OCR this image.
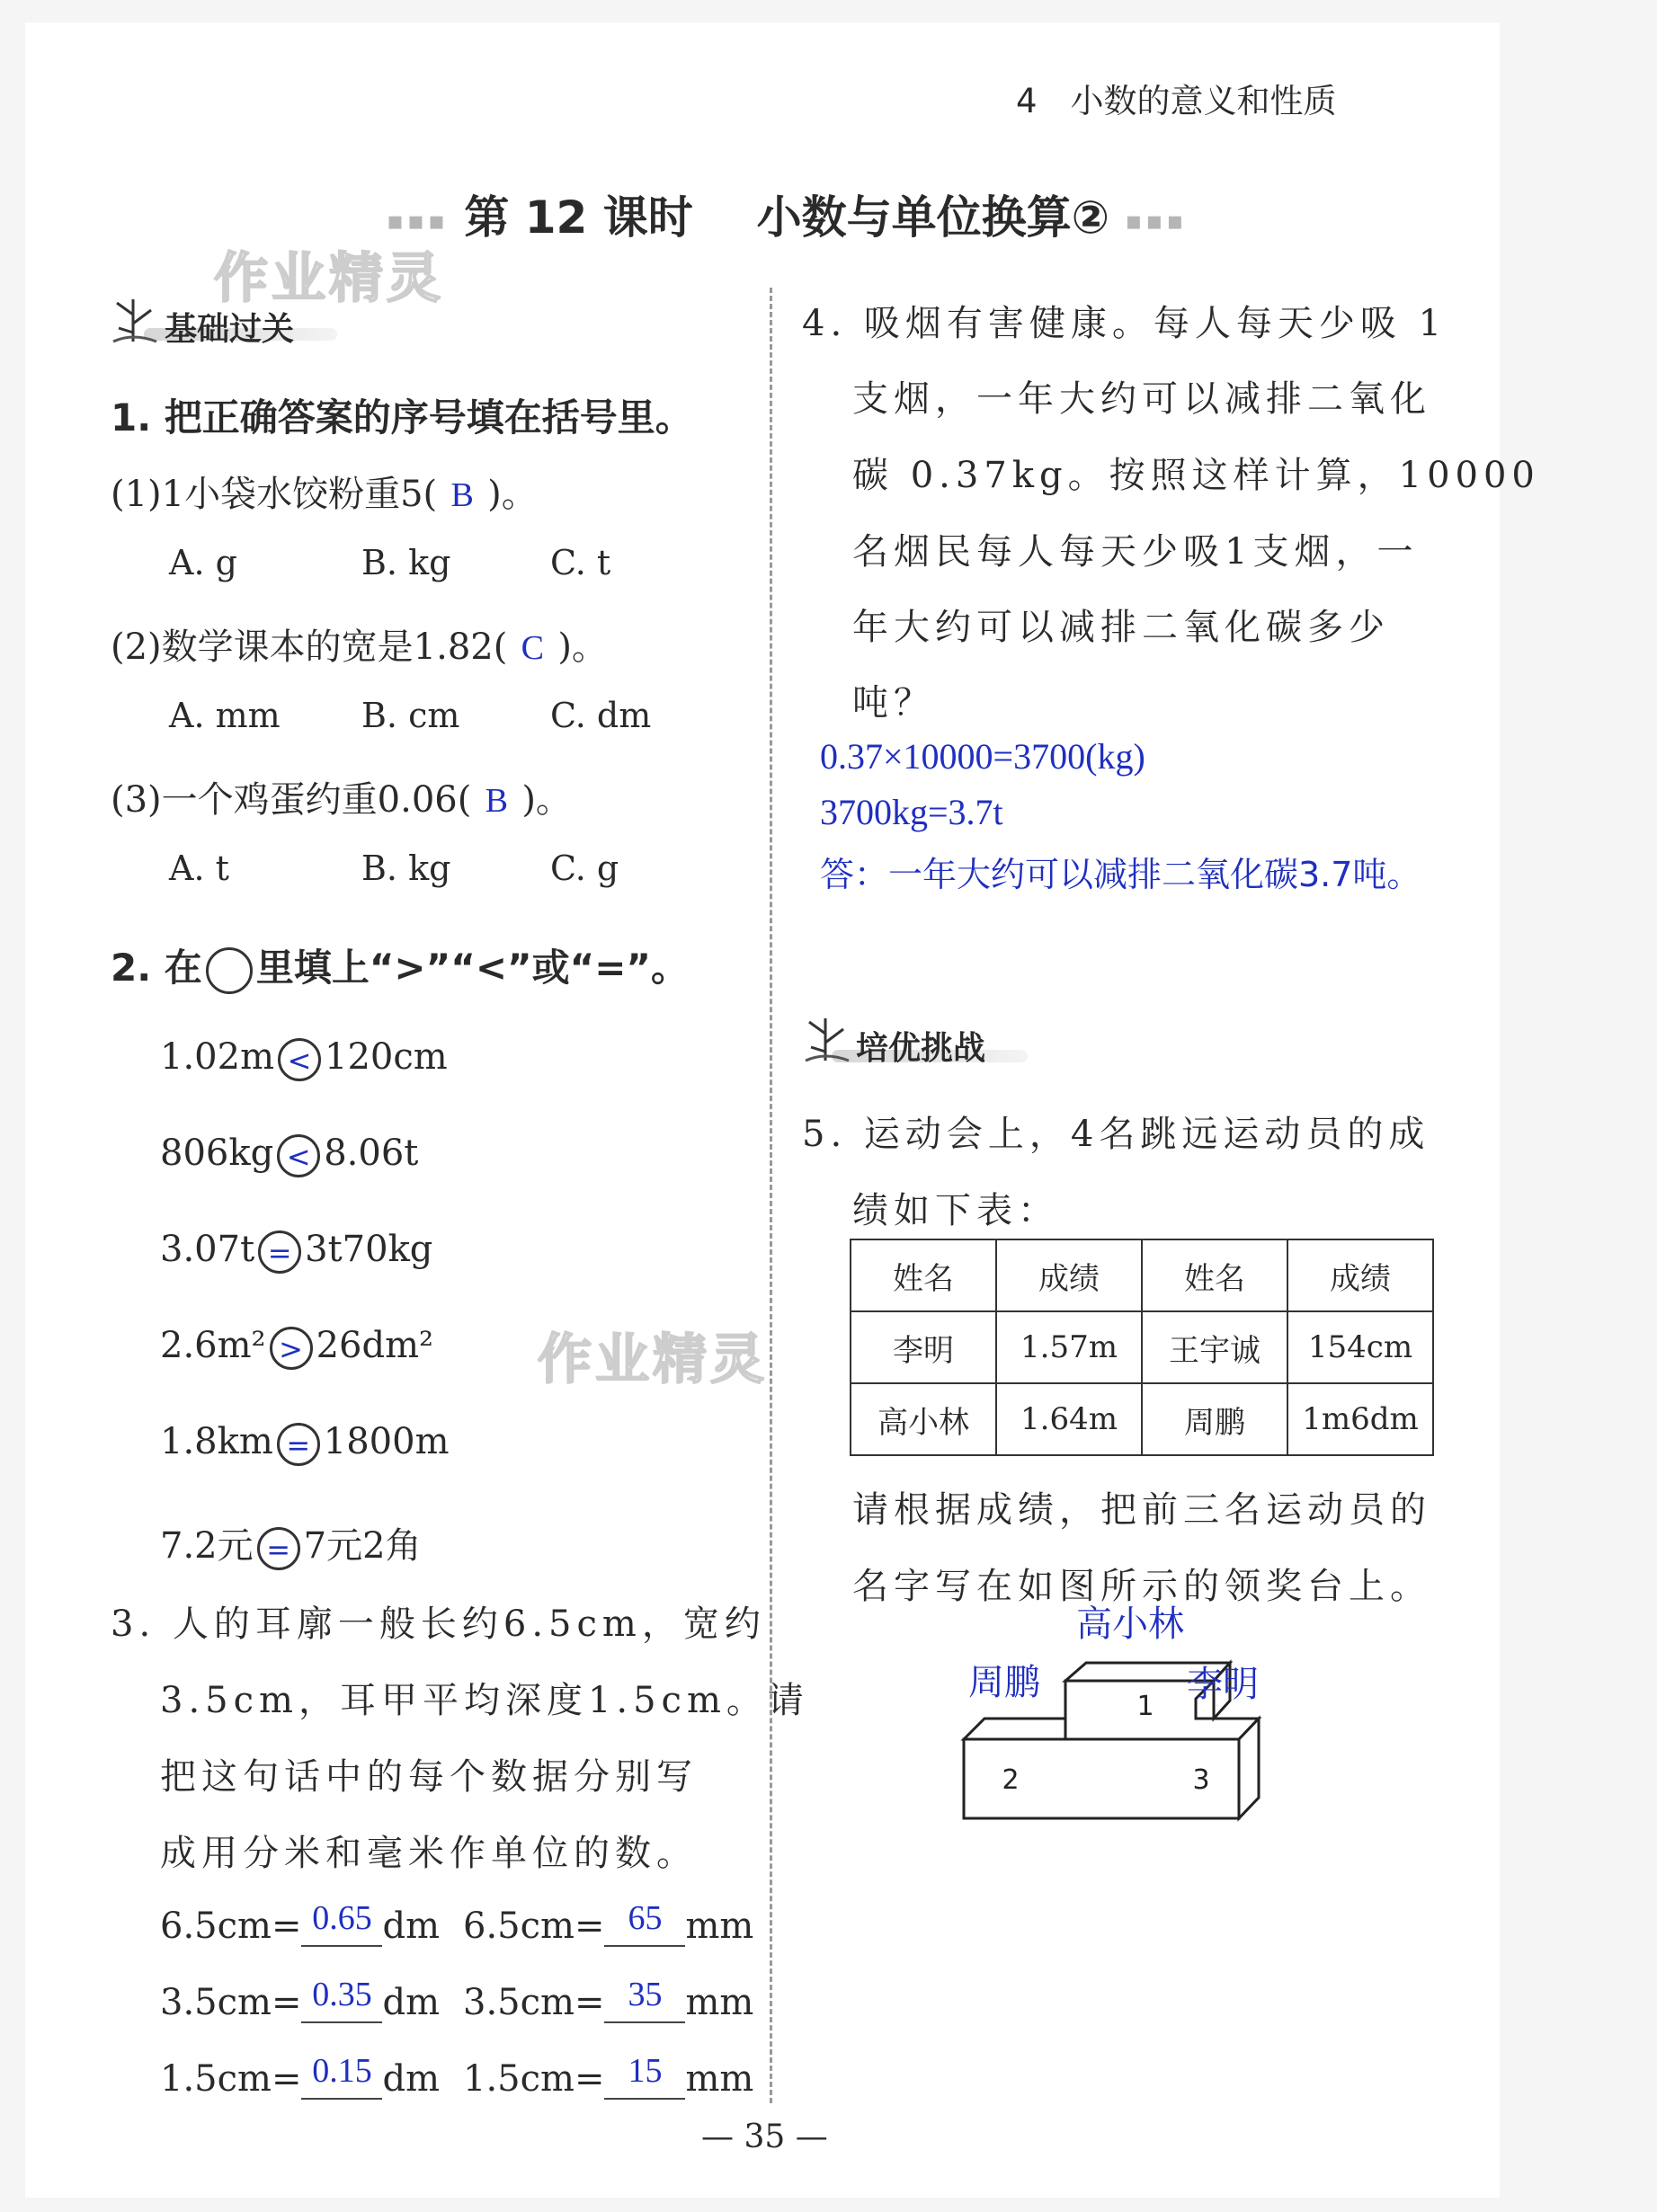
4　小数的意义和性质
▪▪▪ 第 12 课时 小数与单位换算② ▪▪▪
作业精灵
作业精灵
基础过关
1. 把正确答案的序号填在括号里。
(1)1小袋水饺粉重5( B )。
A. g	B. kg	C. t
(2)数学课本的宽是1.82( C )。
A. mm B. cm	C. dm
(3)一个鸡蛋约重0.06( B )。
A. t	B. kg	C. g
2. 在 里填上“>”“<”或“=”。
1.02m < 120cm
806kg < 8.06t
3.07t = 3t70kg
2.6m² > 26dm²
1.8km = 1800m
7.2元 = 7元2角
3. 人的耳廓一般长约6.5cm，宽约
3.5cm，耳甲平均深度1.5cm。请
把这句话中的每个数据分别写
成用分米和毫米作单位的数。
6.5cm= 0.65 dm 6.5cm= 65 mm
3.5cm= 0.35 dm 3.5cm= 35 mm
1.5cm= 0.15 dm 1.5cm= 15 mm
4. 吸烟有害健康。每人每天少吸 1
支烟，一年大约可以减排二氧化
碳 0.37kg。按照这样计算，10000
名烟民每人每天少吸1支烟，一
年大约可以减排二氧化碳多少
吨？
0.37×10000=3700(kg)
3700kg=3.7t
答：一年大约可以减排二氧化碳3.7吨。
培优挑战
5. 运动会上，4名跳远运动员的成
绩如下表：
姓名	成绩	姓名	成绩
李明	1.57m	王宇诚	154cm
高小林	1.64m	周鹏	1m6dm
请根据成绩，把前三名运动员的
名字写在如图所示的领奖台上。
1
2	3
高小林
周鹏	李明
— 35 —
